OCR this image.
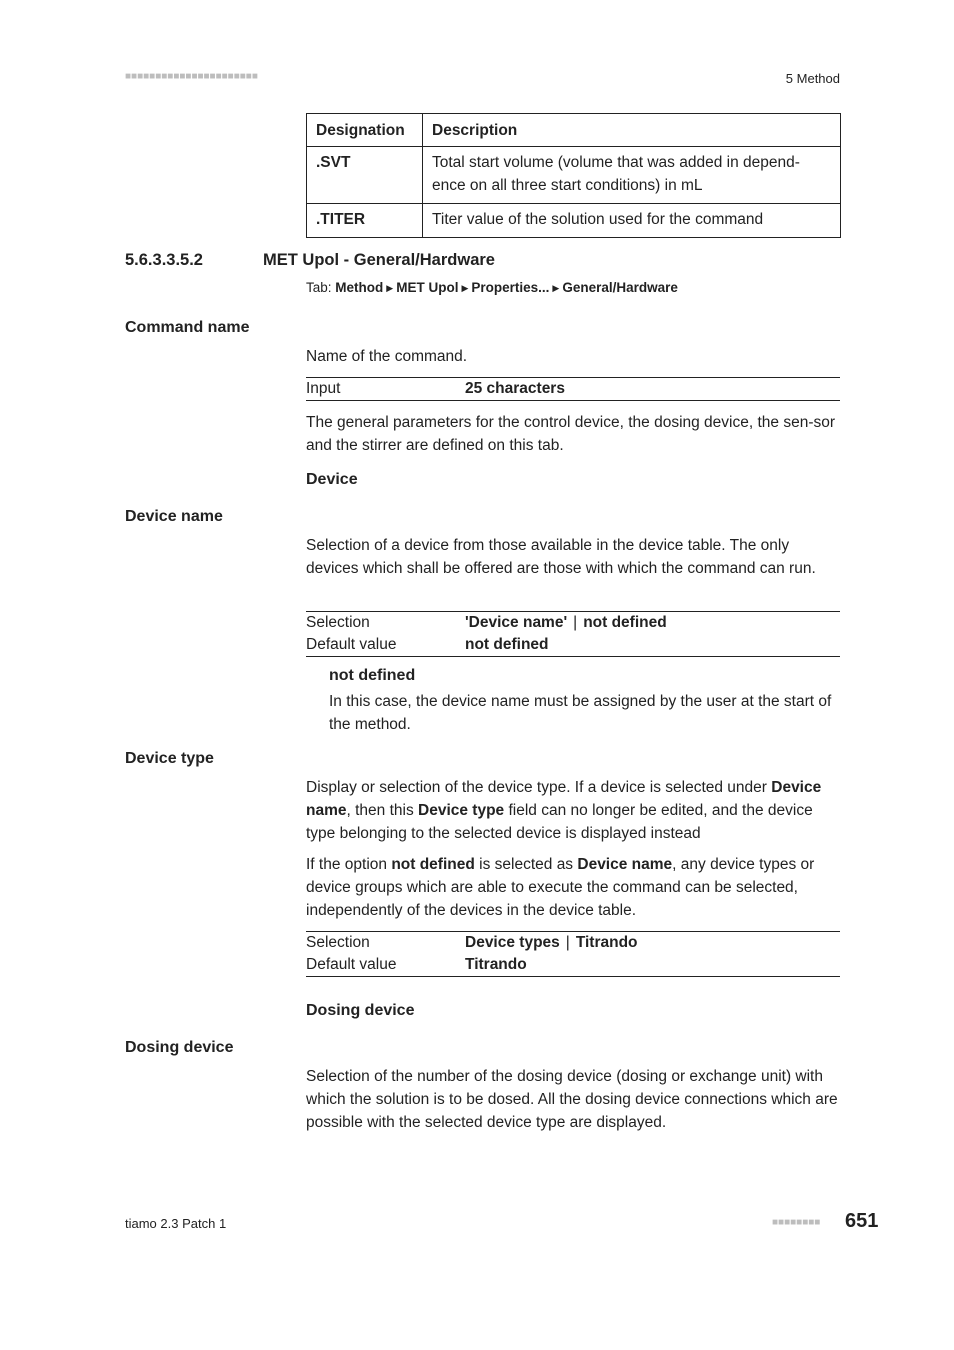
■■■■■■■■■■■■■■■■■■■■■■	5 Method
Designation	Description
.SVT	Total start volume (volume that was added in depend-ence on all three start conditions) in mL
.TITER	Titer value of the solution used for the command
5.6.3.3.5.2	MET Upol - General/Hardware
Tab: Method ▶ MET Upol ▶ Properties... ▶ General/Hardware
Command name
Name of the command.
Input	25 characters
The general parameters for the control device, the dosing device, the sen-sor and the stirrer are defined on this tab.
Device
Device name
Selection of a device from those available in the device table. The only devices which shall be offered are those with which the command can run.
Selection	'Device name' | not defined
Default value	not defined
not defined
In this case, the device name must be assigned by the user at the start of the method.
Device type
Display or selection of the device type. If a device is selected under Device name, then this Device type field can no longer be edited, and the device type belonging to the selected device is displayed instead
If the option not defined is selected as Device name, any device types or device groups which are able to execute the command can be selected, independently of the devices in the device table.
Selection	Device types | Titrando
Default value	Titrando
Dosing device
Dosing device
Selection of the number of the dosing device (dosing or exchange unit) with which the solution is to be dosed. All the dosing device connections which are possible with the selected device type are displayed.
tiamo 2.3 Patch 1	■■■■■■■■ 651
